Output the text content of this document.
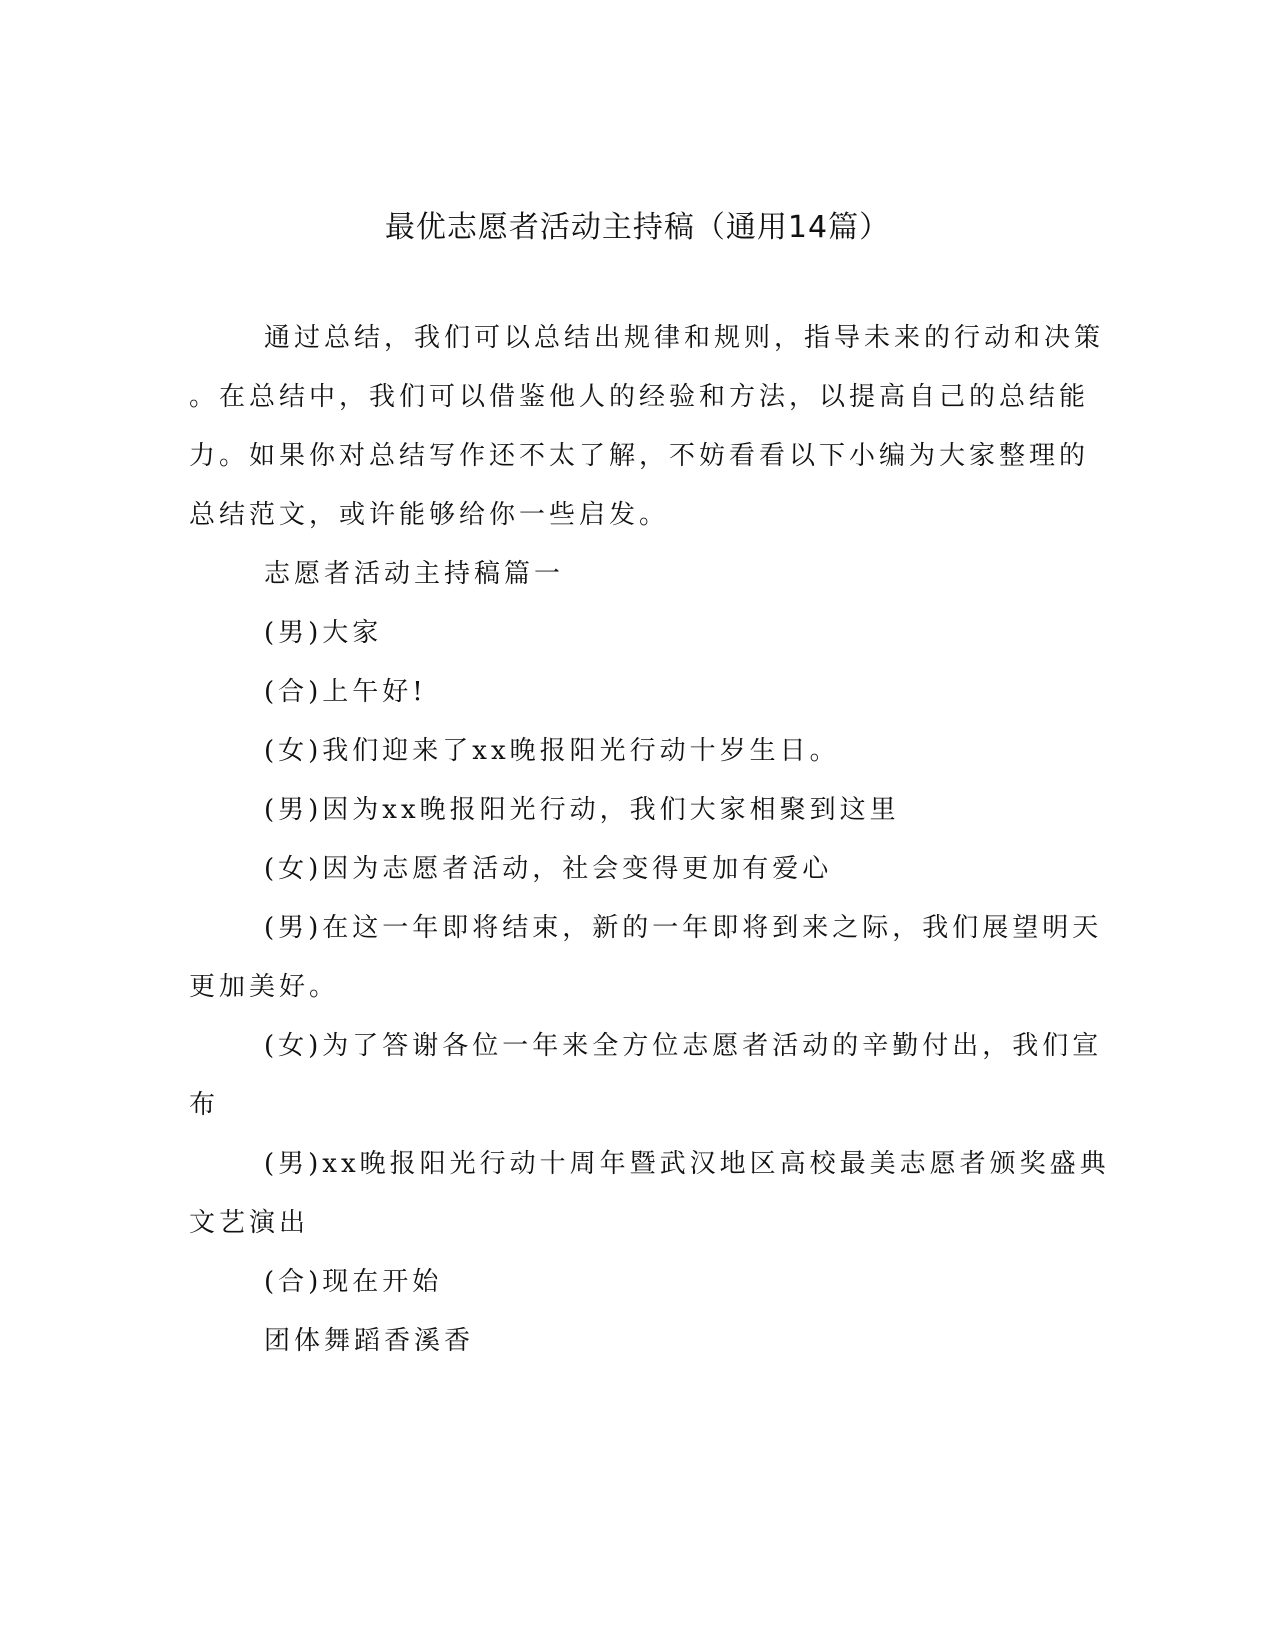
最优志愿者活动主持稿（通用14篇）

通过总结，我们可以总结出规律和规则，指导未来的行动和决策

。在总结中，我们可以借鉴他人的经验和方法，以提高自己的总结能

力。如果你对总结写作还不太了解，不妨看看以下小编为大家整理的

总结范文，或许能够给你一些启发。

志愿者活动主持稿篇一

(男)大家

(合)上午好!

(女)我们迎来了xx晚报阳光行动十岁生日。

(男)因为xx晚报阳光行动，我们大家相聚到这里

(女)因为志愿者活动，社会变得更加有爱心

(男)在这一年即将结束，新的一年即将到来之际，我们展望明天

更加美好。

(女)为了答谢各位一年来全方位志愿者活动的辛勤付出，我们宣

布

(男)xx晚报阳光行动十周年暨武汉地区高校最美志愿者颁奖盛典

文艺演出

(合)现在开始

团体舞蹈香溪香
